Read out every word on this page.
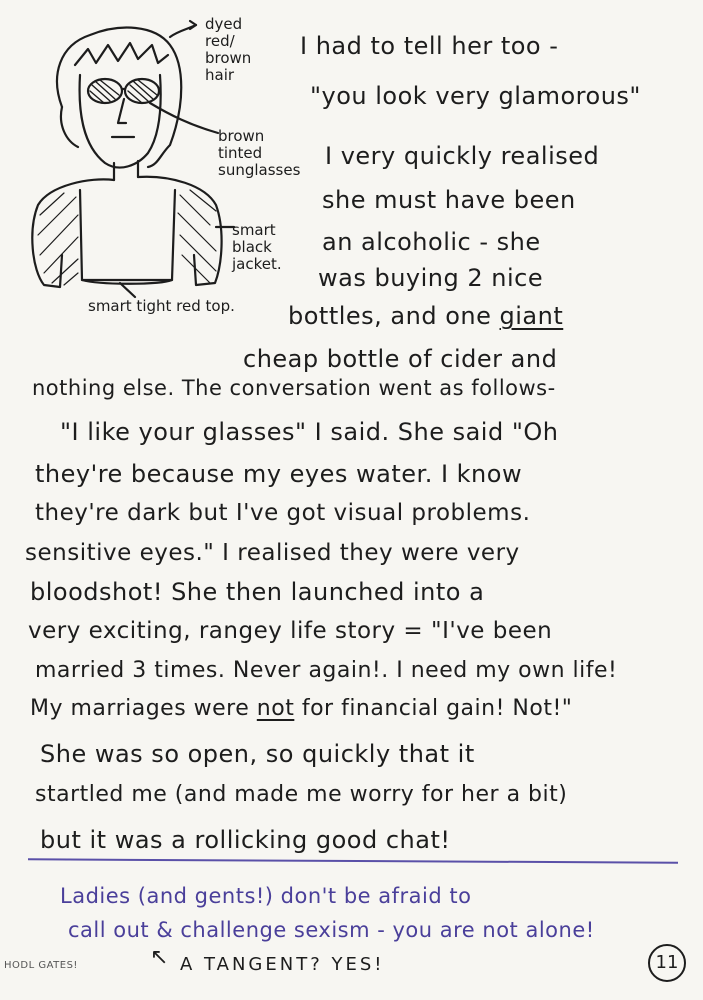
dyed red/ brown hair
brown tinted sunglasses
smart black jacket.
smart tight red top.
I had to tell her too -
"you look very glamorous"
I very quickly realised
she must have been
an alcoholic - she
was buying 2 nice
bottles, and one giant
cheap bottle of cider and
nothing else. The conversation went as follows-
"I like your glasses" I said. She said "Oh
they're because my eyes water. I know
they're dark but I've got visual problems.
sensitive eyes." I realised they were very
bloodshot! She then launched into a
very exciting, rangey life story = "I've been
married 3 times. Never again!. I need my own life!
My marriages were not for financial gain! Not!"
She was so open, so quickly that it
startled me (and made me worry for her a bit)
but it was a rollicking good chat!
Ladies (and gents!) don't be afraid to
call out & challenge sexism - you are not alone!
↖ A TANGENT? YES!
HODL GATES!	11
